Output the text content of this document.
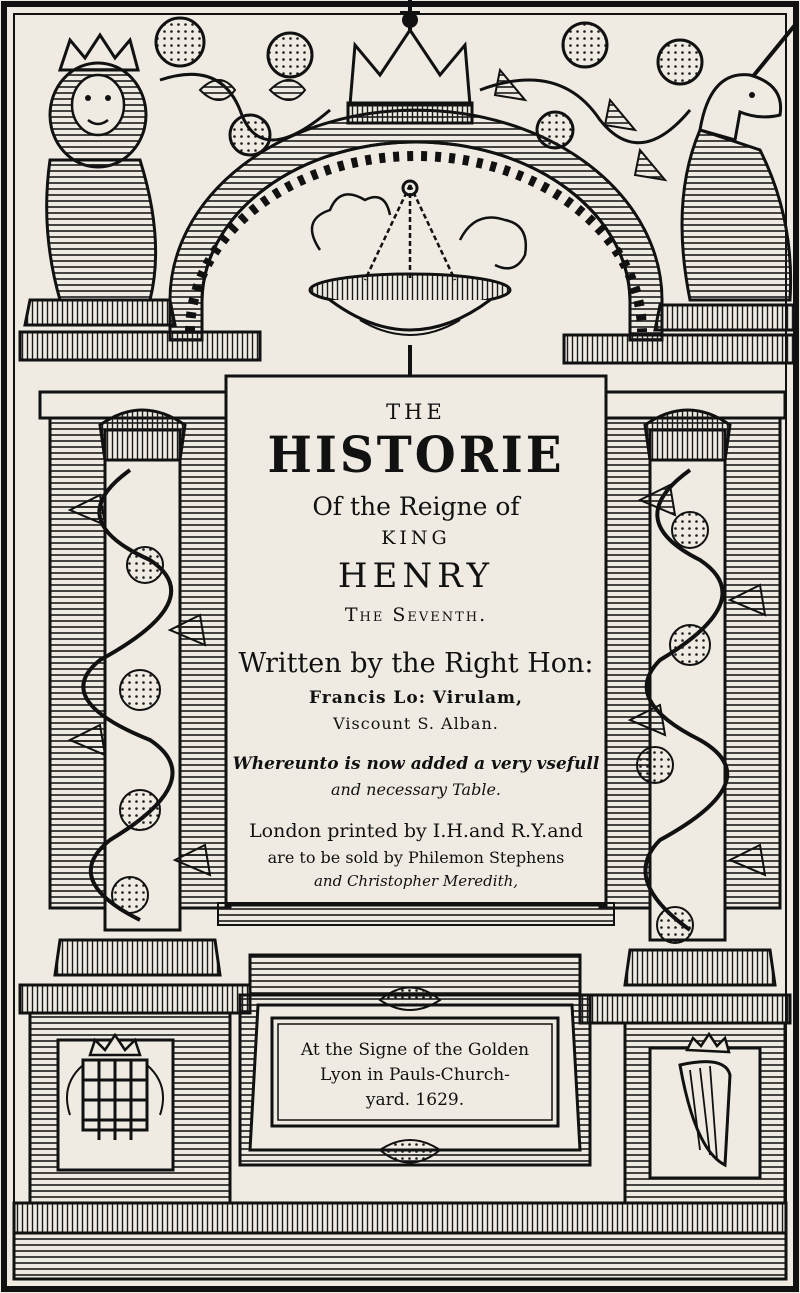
THE
HISTORIE
Of the Reigne of
KING
HENRY
The Seventh.
Written by the Right Hon:
Francis Lo: Virulam,
Viscount S. Alban.
Whereunto is now added a very vsefull
and necessary Table.
London printed by I.H.and R.Y.and
are to be sold by Philemon Stephens
and Christopher Meredith,
At the Signe of the Golden
Lyon in Pauls-Church-
yard. 1629.
